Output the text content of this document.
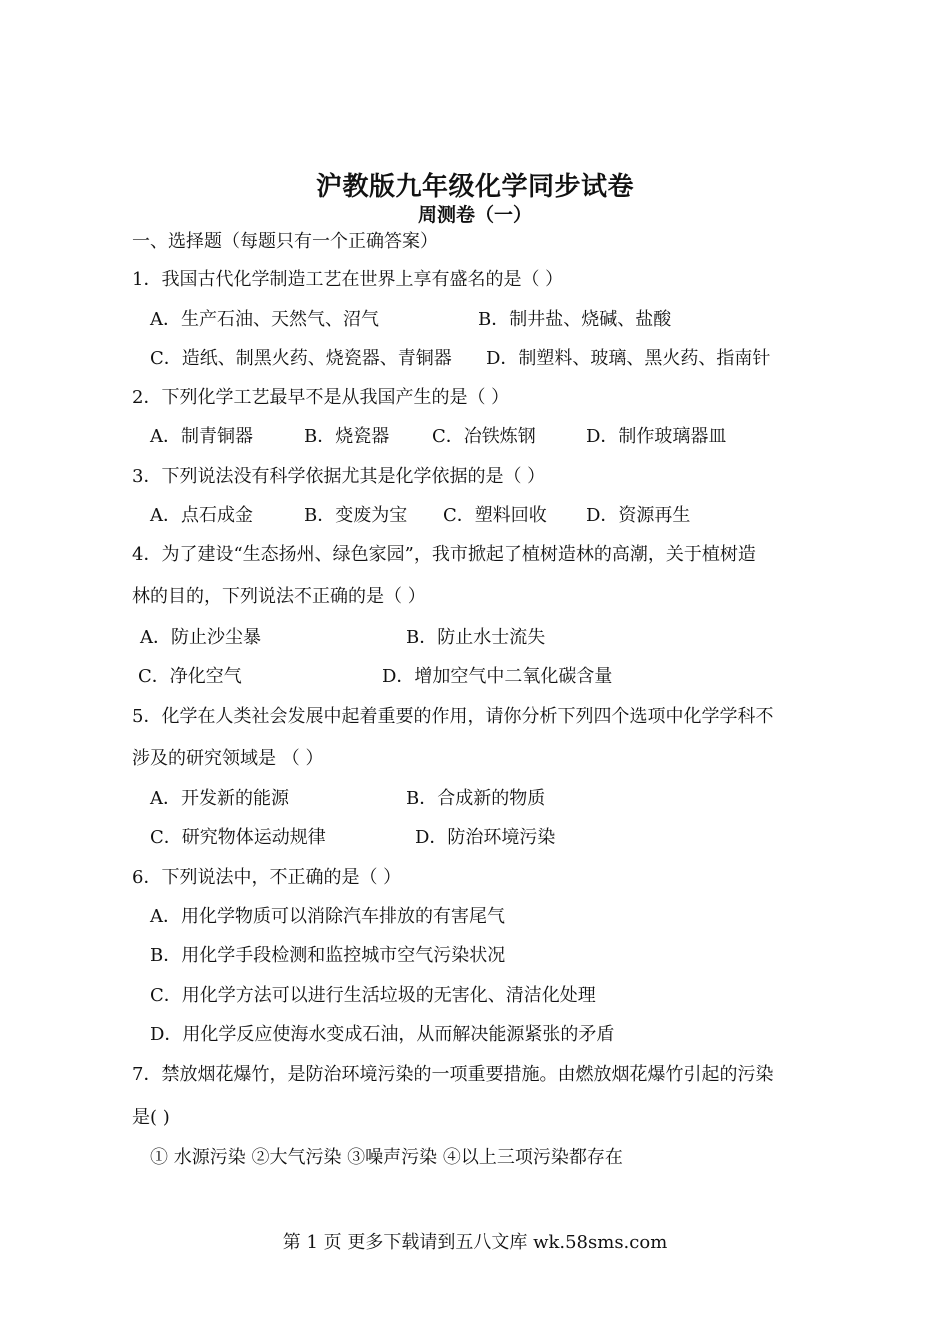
沪教版九年级化学同步试卷
周测卷（一）
一、选择题（每题只有一个正确答案）
1．我国古代化学制造工艺在世界上享有盛名的是（ ）
A．生产石油、天然气、沼气	B．制井盐、烧碱、盐酸
C．造纸、制黑火药、烧瓷器、青铜器 D．制塑料、玻璃、黑火药、指南针
2．下列化学工艺最早不是从我国产生的是（ ）
A．制青铜器	B．烧瓷器 C．冶铁炼钢	D．制作玻璃器皿
3．下列说法没有科学依据尤其是化学依据的是（ ）
A．点石成金	B．变废为宝 C．塑料回收 D．资源再生
4．为了建设“生态扬州、绿色家园”，我市掀起了植树造林的高潮，关于植树造
林的目的，下列说法不正确的是（ ）
A．防止沙尘暴	B．防止水士流失
C．净化空气	D．增加空气中二氧化碳含量
5．化学在人类社会发展中起着重要的作用，请你分析下列四个选项中化学学科不
涉及的研究领域是 （ ）
A．开发新的能源	B．合成新的物质
C．研究物体运动规律	D．防治环境污染
6．下列说法中，不正确的是（ ）
A．用化学物质可以消除汽车排放的有害尾气
B．用化学手段检测和监控城市空气污染状况
C．用化学方法可以进行生活垃圾的无害化、清洁化处理
D．用化学反应使海水变成石油，从而解决能源紧张的矛盾
7．禁放烟花爆竹，是防治环境污染的一项重要措施。由燃放烟花爆竹引起的污染
是( )
① 水源污染 ②大气污染 ③噪声污染 ④以上三项污染都存在
第 1 页 更多下载请到五八文库 wk.58sms.com
